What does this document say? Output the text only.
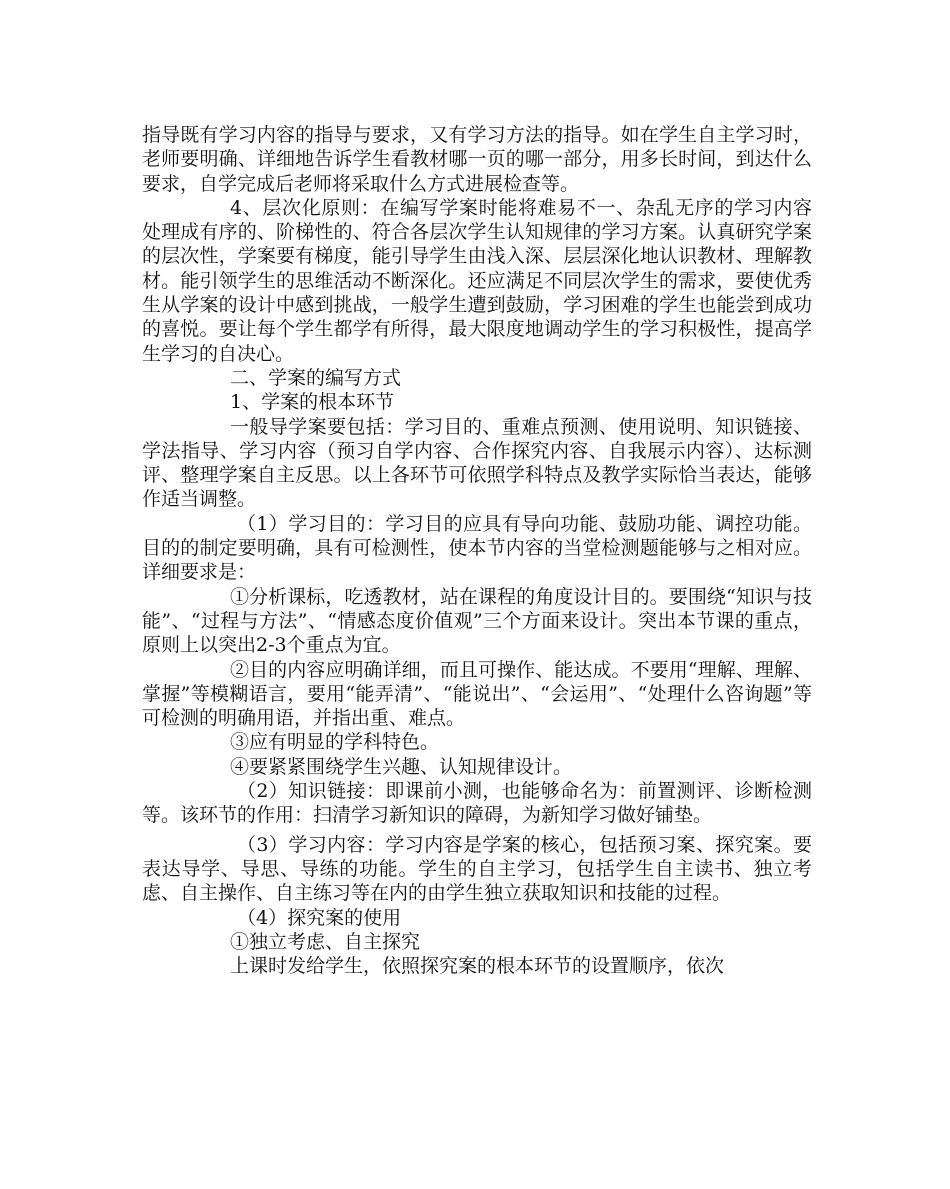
指导既有学习内容的指导与要求，又有学习方法的指导。如在学生自主学习时，老师要明确、详细地告诉学生看教材哪一页的哪一部分，用多长时间，到达什么要求，自学完成后老师将采取什么方式进展检查等。

4、层次化原则：在编写学案时能将难易不一、杂乱无序的学习内容处理成有序的、阶梯性的、符合各层次学生认知规律的学习方案。认真研究学案的层次性，学案要有梯度，能引导学生由浅入深、层层深化地认识教材、理解教材。能引领学生的思维活动不断深化。还应满足不同层次学生的需求，要使优秀生从学案的设计中感到挑战，一般学生遭到鼓励，学习困难的学生也能尝到成功的喜悦。要让每个学生都学有所得，最大限度地调动学生的学习积极性，提高学生学习的自决心。

二、学案的编写方式

1、学案的根本环节

一般导学案要包括：学习目的、重难点预测、使用说明、知识链接、学法指导、学习内容（预习自学内容、合作探究内容、自我展示内容）、达标测评、整理学案自主反思。以上各环节可依照学科特点及教学实际恰当表达，能够作适当调整。

（1）学习目的：学习目的应具有导向功能、鼓励功能、调控功能。目的的制定要明确，具有可检测性，使本节内容的当堂检测题能够与之相对应。详细要求是：

①分析课标，吃透教材，站在课程的角度设计目的。要围绕“知识与技能”、“过程与方法”、“情感态度价值观”三个方面来设计。突出本节课的重点，原则上以突出2-3个重点为宜。

②目的内容应明确详细，而且可操作、能达成。不要用“理解、理解、掌握”等模糊语言，要用“能弄清”、“能说出”、“会运用”、“处理什么咨询题”等可检测的明确用语，并指出重、难点。

③应有明显的学科特色。

④要紧紧围绕学生兴趣、认知规律设计。

（2）知识链接：即课前小测，也能够命名为：前置测评、诊断检测等。该环节的作用：扫清学习新知识的障碍，为新知学习做好铺垫。

（3）学习内容：学习内容是学案的核心，包括预习案、探究案。要表达导学、导思、导练的功能。学生的自主学习，包括学生自主读书、独立考虑、自主操作、自主练习等在内的由学生独立获取知识和技能的过程。

（4）探究案的使用

①独立考虑、自主探究

上课时发给学生，依照探究案的根本环节的设置顺序，依次
